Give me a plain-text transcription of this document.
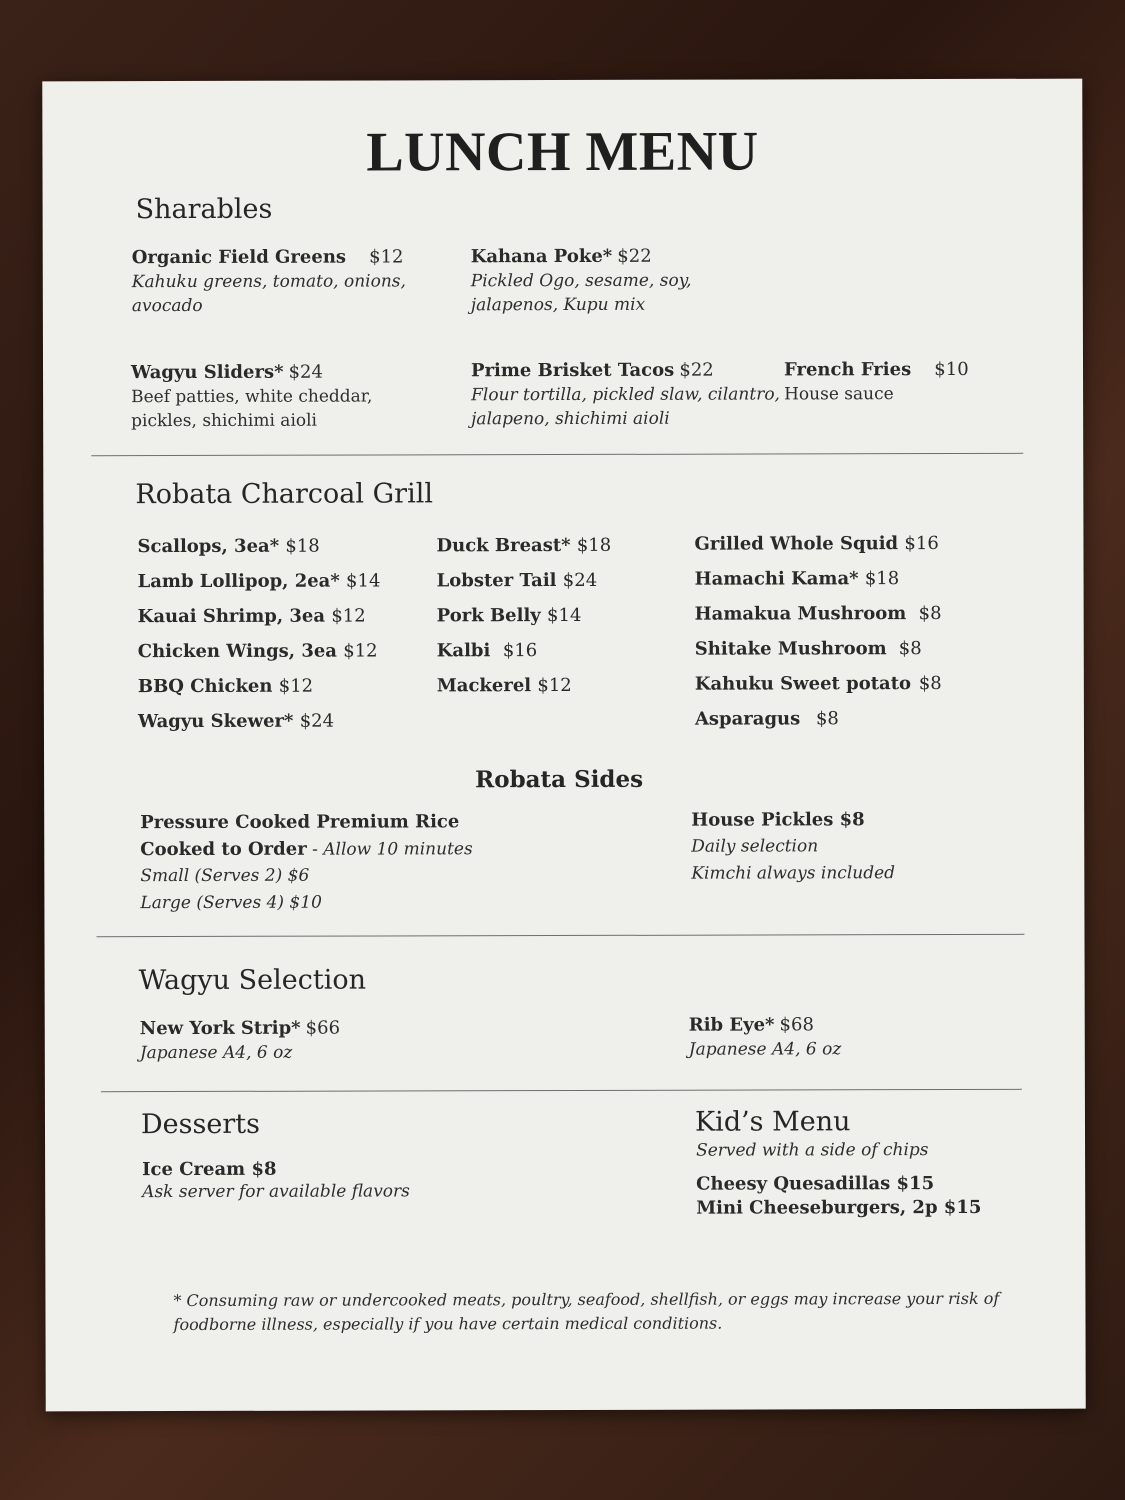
LUNCH MENU
Sharables
Organic Field Greens $12
Kahuku greens, tomato, onions,
avocado
Kahana Poke* $22
Pickled Ogo, sesame, soy,
jalapenos, Kupu mix
Wagyu Sliders* $24
Beef patties, white cheddar,
pickles, shichimi aioli
Prime Brisket Tacos $22
Flour tortilla, pickled slaw, cilantro,
jalapeno, shichimi aioli
French Fries $10
House sauce
Robata Charcoal Grill
Scallops, 3ea* $18
Lamb Lollipop, 2ea* $14
Kauai Shrimp, 3ea $12
Chicken Wings, 3ea $12
BBQ Chicken $12
Wagyu Skewer* $24
Duck Breast* $18
Lobster Tail $24
Pork Belly $14
Kalbi $16
Mackerel $12
Grilled Whole Squid $16
Hamachi Kama* $18
Hamakua Mushroom $8
Shitake Mushroom $8
Kahuku Sweet potato $8
Asparagus $8
Robata Sides
Pressure Cooked Premium Rice
Cooked to Order - Allow 10 minutes
Small (Serves 2) $6
Large (Serves 4) $10
House Pickles $8
Daily selection
Kimchi always included
Wagyu Selection
New York Strip* $66
Japanese A4, 6 oz
Rib Eye* $68
Japanese A4, 6 oz
Desserts
Ice Cream $8
Ask server for available flavors
Kid’s Menu
Served with a side of chips
Cheesy Quesadillas $15
Mini Cheeseburgers, 2p $15
* Consuming raw or undercooked meats, poultry, seafood, shellfish, or eggs may increase your risk of
foodborne illness, especially if you have certain medical conditions.
